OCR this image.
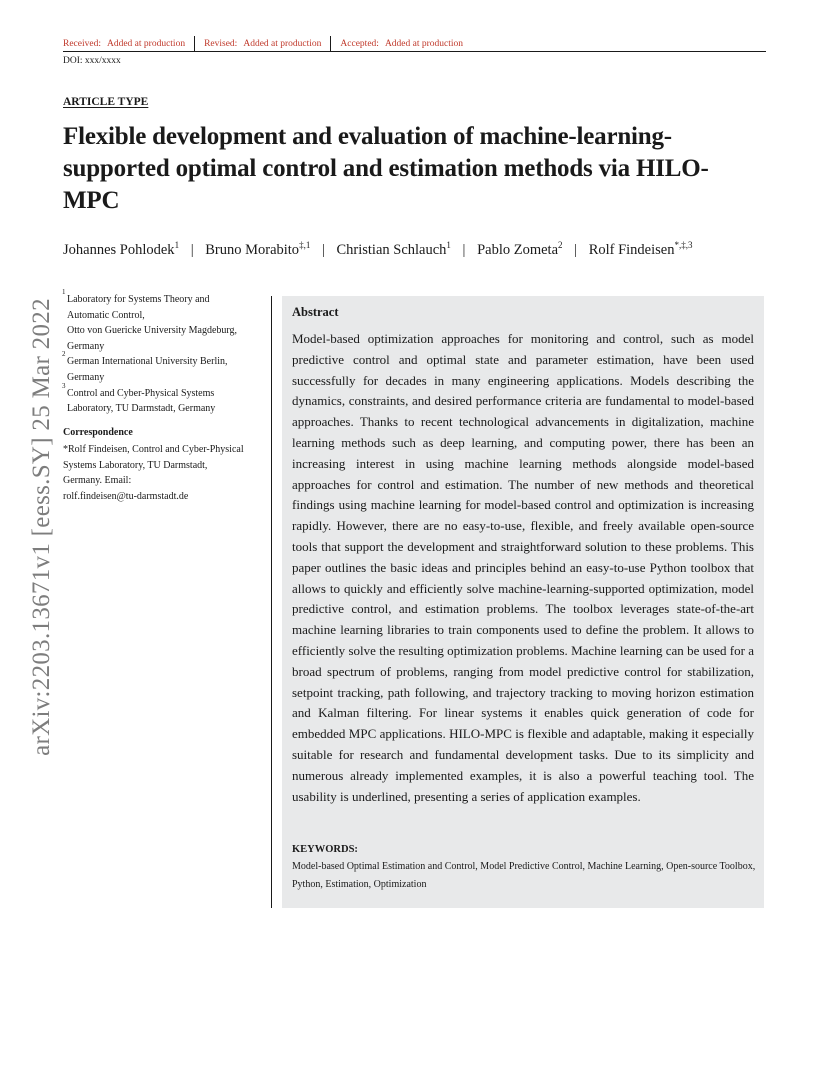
Received: Added at production Revised: Added at production Accepted: Added at production
DOI: xxx/xxxx
ARTICLE TYPE
Flexible development and evaluation of machine-learning-supported optimal control and estimation methods via HILO-MPC
Johannes Pohlodek$^1$ | Bruno Morabito$^{\ddagger,1}$ | Christian Schlauch$^1$ | Pablo Zometa$^2$ | Rolf Findeisen$^{*,\ddagger,3}$
arXiv:2203.13671v1 [eess.SY] 25 Mar 2022
1
Laboratory for Systems Theory and
Automatic Control,
Otto von Guericke University Magdeburg,
Germany
2
German International University Berlin,
Germany
3
Control and Cyber-Physical Systems
Laboratory, TU Darmstadt, Germany
Correspondence
*Rolf Findeisen, Control and Cyber-Physical
Systems Laboratory, TU Darmstadt,
Germany. Email:
rolf.findeisen@tu-darmstadt.de
Abstract
Model-based optimization approaches for monitoring and control, such as model predictive control and optimal state and parameter estimation, have been used successfully for decades in many engineering applications. Models describing the dynamics, constraints, and desired performance criteria are fundamental to model-based approaches. Thanks to recent technological advancements in digitalization, machine learning methods such as deep learning, and computing power, there has been an increasing interest in using machine learning methods alongside model-based approaches for control and estimation. The number of new methods and theoretical findings using machine learning for model-based control and optimization is increasing rapidly. However, there are no easy-to-use, flexible, and freely available open-source tools that support the development and straightforward solution to these problems. This paper outlines the basic ideas and principles behind an easy-to-use Python toolbox that allows to quickly and efficiently solve machine-learning-supported optimization, model predictive control, and estimation problems. The toolbox leverages state-of-the-art machine learning libraries to train components used to define the problem. It allows to efficiently solve the resulting optimization problems. Machine learning can be used for a broad spectrum of problems, ranging from model predictive control for stabilization, setpoint tracking, path following, and trajectory tracking to moving horizon estimation and Kalman filtering. For linear systems it enables quick generation of code for embedded MPC applications. HILO-MPC is flexible and adaptable, making it especially suitable for research and fundamental development tasks. Due to its simplicity and numerous already implemented examples, it is also a powerful teaching tool. The usability is underlined, presenting a series of application examples.
KEYWORDS:
Model-based Optimal Estimation and Control, Model Predictive Control, Machine Learning, Open-source Toolbox, Python, Estimation, Optimization
